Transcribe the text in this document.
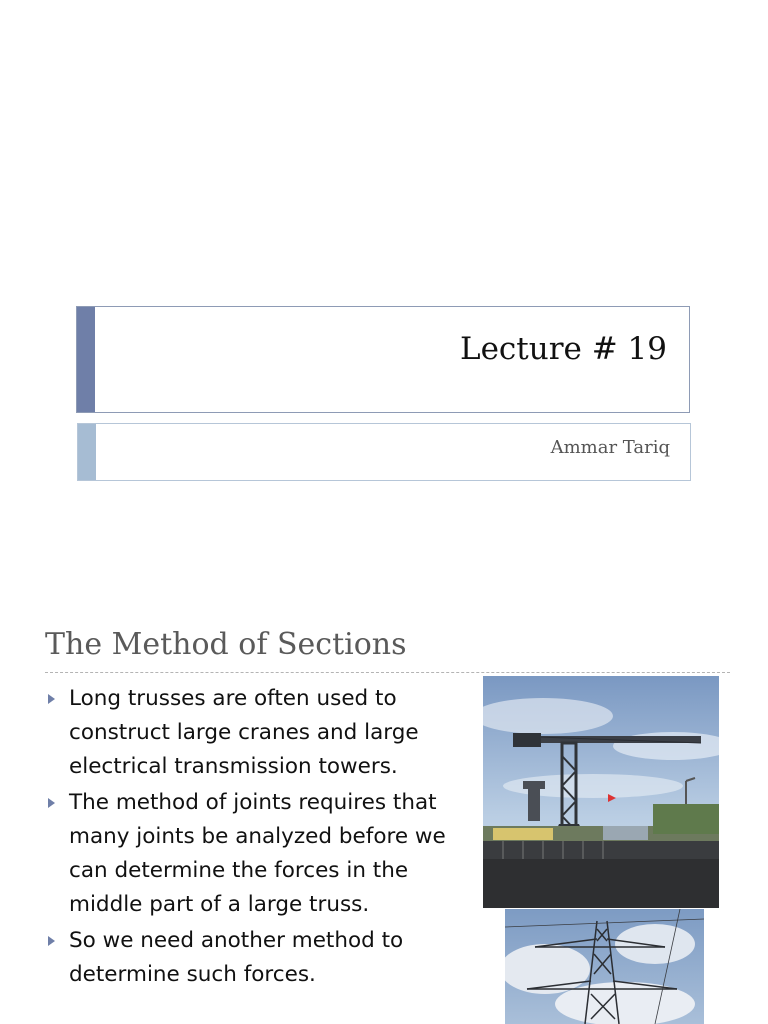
Lecture # 19
Ammar Tariq
The Method of Sections
Long trusses are often used to construct large cranes and large electrical transmission towers.
The method of joints requires that many joints be analyzed before we can determine the forces in the middle part of a large truss.
So we need another method to determine such forces.
